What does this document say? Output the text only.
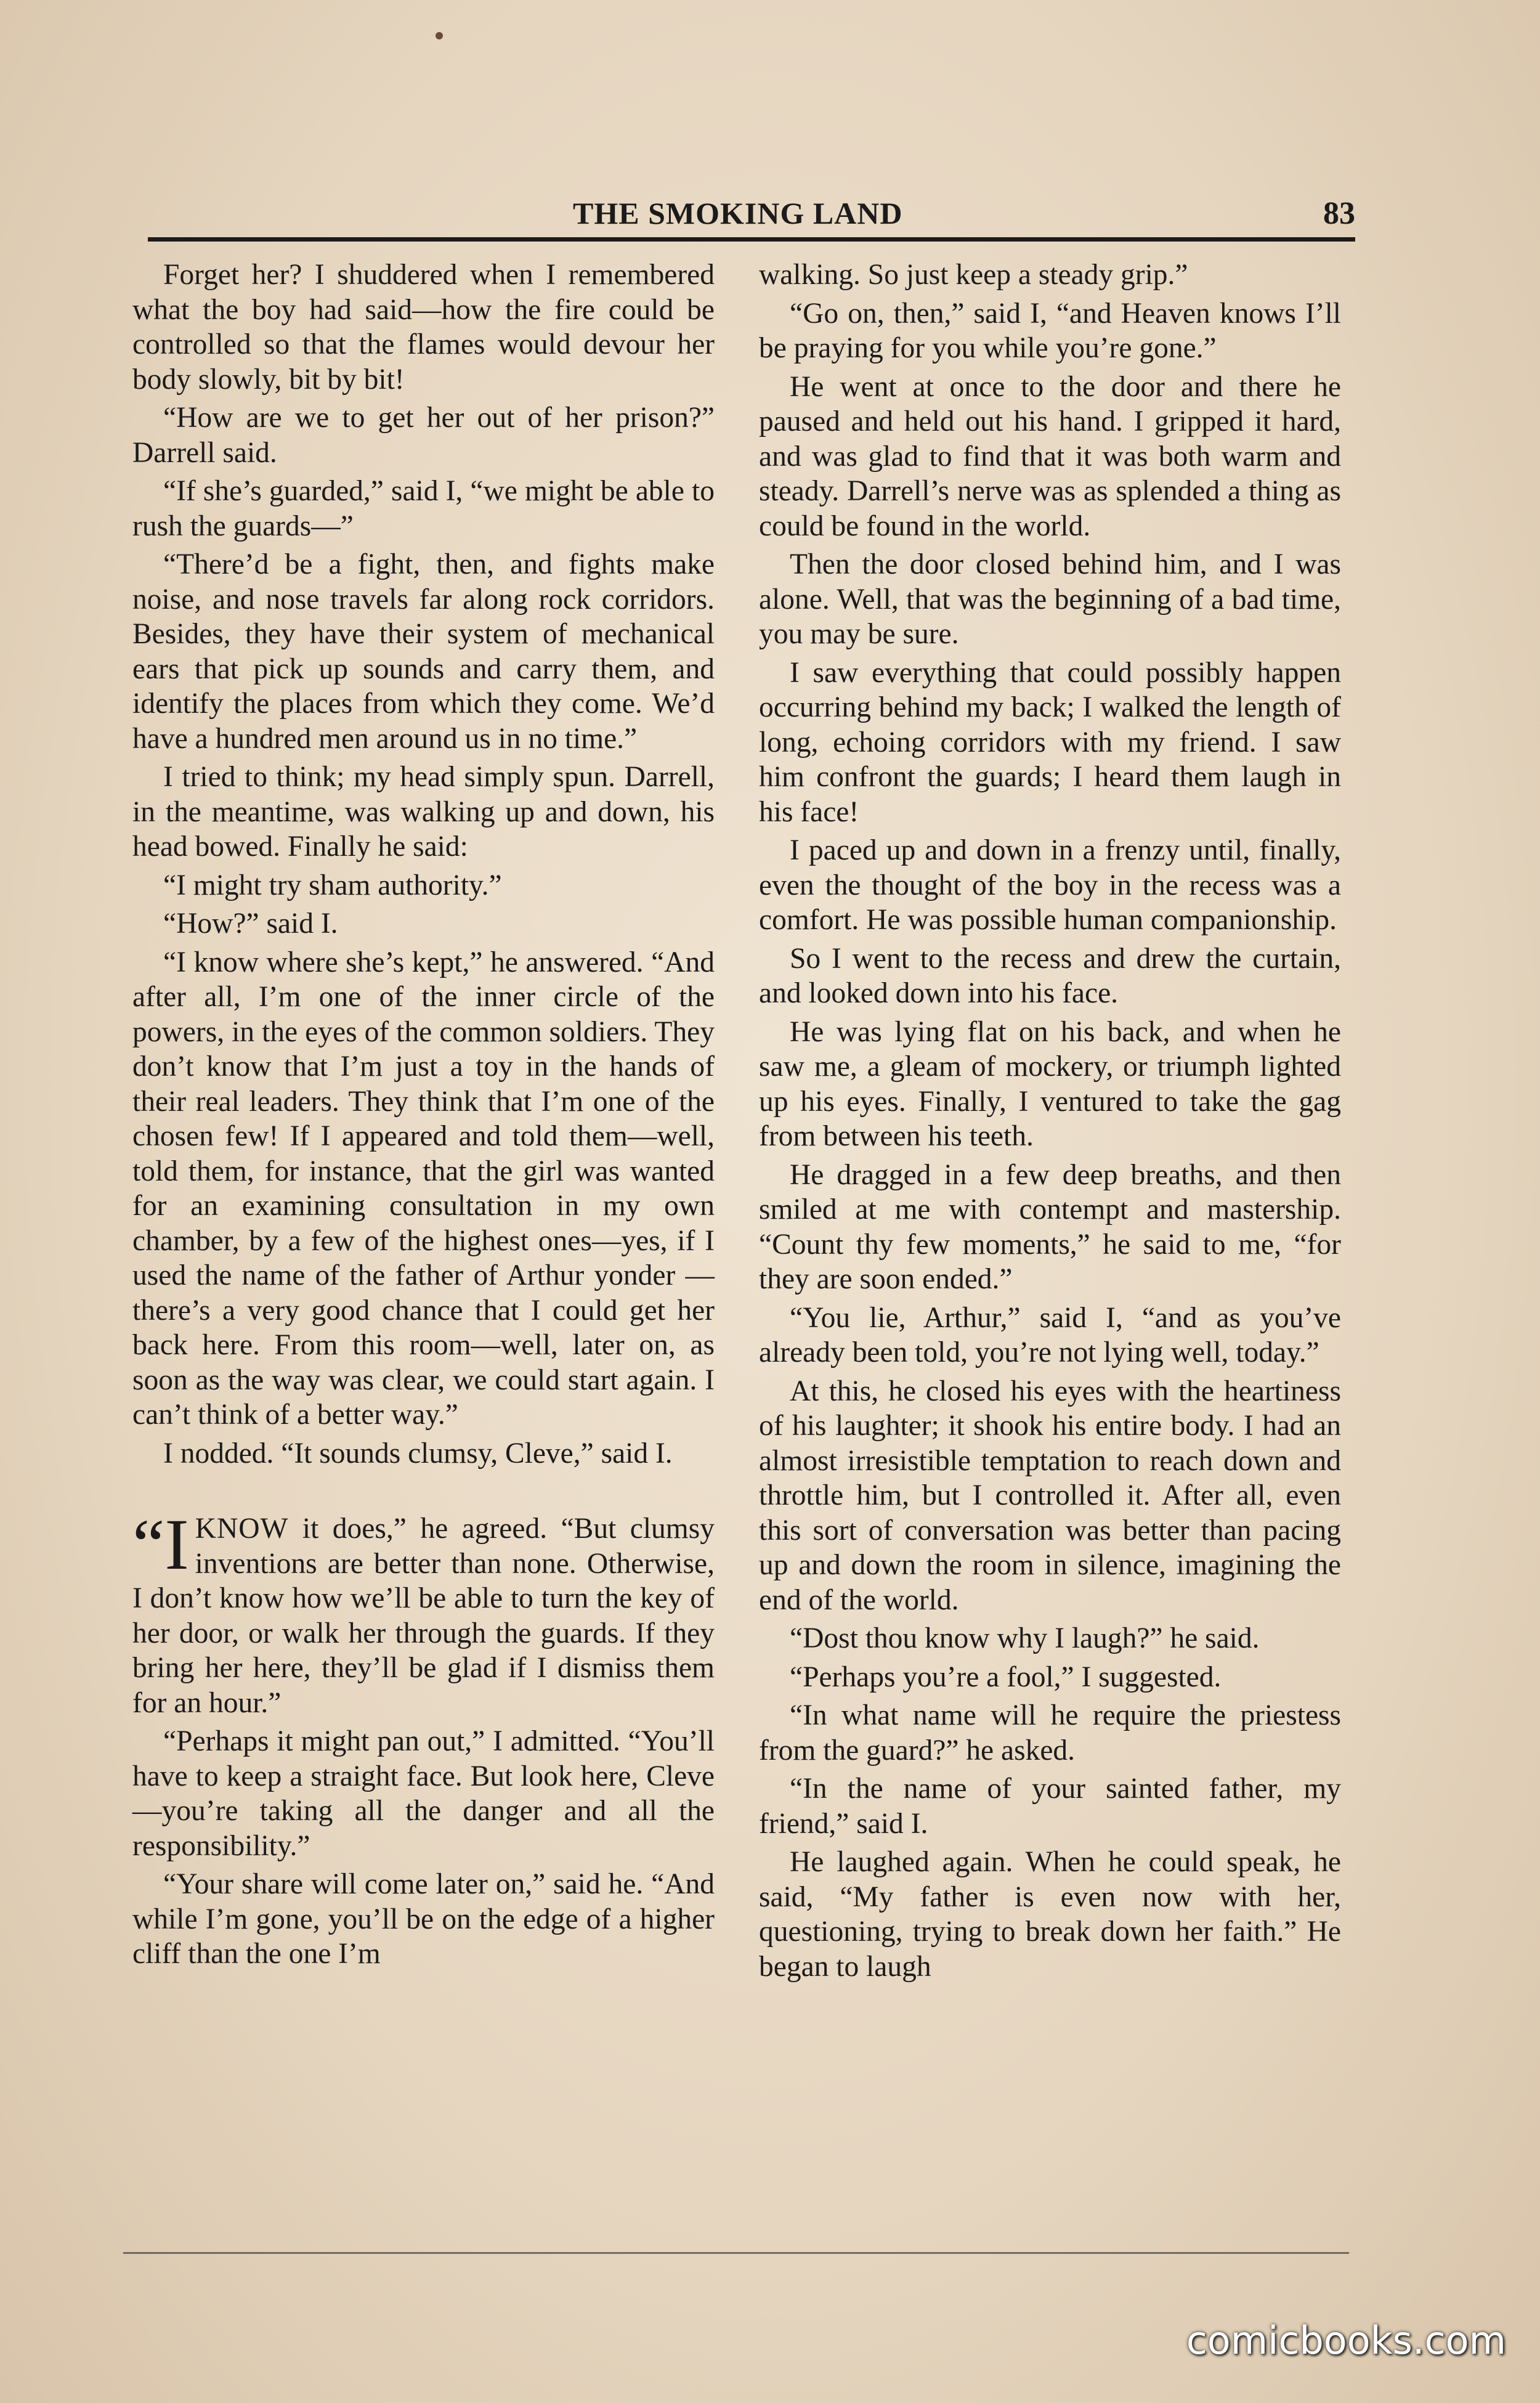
THE SMOKING LAND	83

Forget her? I shuddered when I remembered what the boy had said—how the fire could be controlled so that the flames would devour her body slowly, bit by bit!

“How are we to get her out of her prison?” Darrell said.

“If she’s guarded,” said I, “we might be able to rush the guards—”

“There’d be a fight, then, and fights make noise, and nose travels far along rock corridors. Besides, they have their system of mechanical ears that pick up sounds and carry them, and identify the places from which they come. We’d have a hundred men around us in no time.”

I tried to think; my head simply spun. Darrell, in the meantime, was walking up and down, his head bowed. Finally he said:

“I might try sham authority.”

“How?” said I.

“I know where she’s kept,” he answered. “And after all, I’m one of the inner circle of the powers, in the eyes of the common soldiers. They don’t know that I’m just a toy in the hands of their real leaders. They think that I’m one of the chosen few! If I appeared and told them—well, told them, for instance, that the girl was wanted for an examining consultation in my own chamber, by a few of the highest ones—yes, if I used the name of the father of Arthur yonder —there’s a very good chance that I could get her back here. From this room—well, later on, as soon as the way was clear, we could start again. I can’t think of a better way.”

I nodded. “It sounds clumsy, Cleve,” said I.

“I KNOW it does,” he agreed. “But clumsy inventions are better than none. Otherwise, I don’t know how we’ll be able to turn the key of her door, or walk her through the guards. If they bring her here, they’ll be glad if I dismiss them for an hour.”

“Perhaps it might pan out,” I admitted. “You’ll have to keep a straight face. But look here, Cleve—you’re taking all the danger and all the responsibility.”

“Your share will come later on,” said he. “And while I’m gone, you’ll be on the edge of a higher cliff than the one I’m

walking. So just keep a steady grip.”

“Go on, then,” said I, “and Heaven knows I’ll be praying for you while you’re gone.”

He went at once to the door and there he paused and held out his hand. I gripped it hard, and was glad to find that it was both warm and steady. Darrell’s nerve was as splended a thing as could be found in the world.

Then the door closed behind him, and I was alone. Well, that was the beginning of a bad time, you may be sure.

I saw everything that could possibly happen occurring behind my back; I walked the length of long, echoing corridors with my friend. I saw him confront the guards; I heard them laugh in his face!

I paced up and down in a frenzy until, finally, even the thought of the boy in the recess was a comfort. He was possible human companionship.

So I went to the recess and drew the curtain, and looked down into his face.

He was lying flat on his back, and when he saw me, a gleam of mockery, or triumph lighted up his eyes. Finally, I ventured to take the gag from between his teeth.

He dragged in a few deep breaths, and then smiled at me with contempt and mastership. “Count thy few moments,” he said to me, “for they are soon ended.”

“You lie, Arthur,” said I, “and as you’ve already been told, you’re not lying well, today.”

At this, he closed his eyes with the heartiness of his laughter; it shook his entire body. I had an almost irresistible temptation to reach down and throttle him, but I controlled it. After all, even this sort of conversation was better than pacing up and down the room in silence, imagining the end of the world.

“Dost thou know why I laugh?” he said.

“Perhaps you’re a fool,” I suggested.

“In what name will he require the priestess from the guard?” he asked.

“In the name of your sainted father, my friend,” said I.

He laughed again. When he could speak, he said, “My father is even now with her, questioning, trying to break down her faith.” He began to laugh

comicbooks.com
